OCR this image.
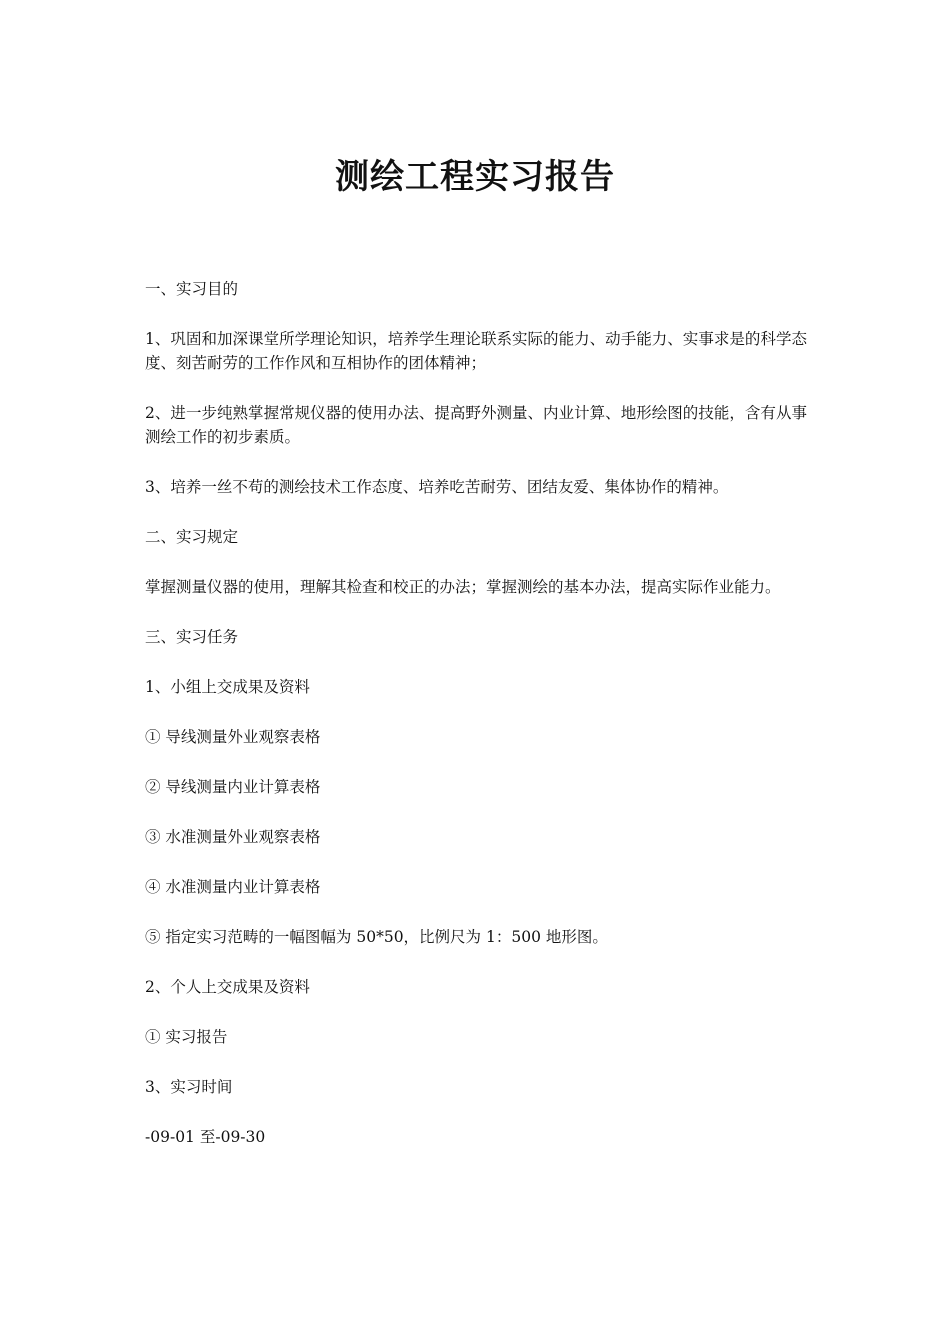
测绘工程实习报告

一、实习目的

1、巩固和加深课堂所学理论知识，培养学生理论联系实际的能力、动手能力、实事求是的科学态度、刻苦耐劳的工作作风和互相协作的团体精神；

2、进一步纯熟掌握常规仪器的使用办法、提高野外测量、内业计算、地形绘图的技能，含有从事测绘工作的初步素质。

3、培养一丝不苟的测绘技术工作态度、培养吃苦耐劳、团结友爱、集体协作的精神。

二、实习规定

掌握测量仪器的使用，理解其检查和校正的办法；掌握测绘的基本办法，提高实际作业能力。

三、实习任务

1、小组上交成果及资料

① 导线测量外业观察表格

② 导线测量内业计算表格

③ 水准测量外业观察表格

④ 水准测量内业计算表格

⑤ 指定实习范畴的一幅图幅为 50*50，比例尺为 1：500 地形图。

2、个人上交成果及资料

① 实习报告

3、实习时间

-09-01 至-09-30
